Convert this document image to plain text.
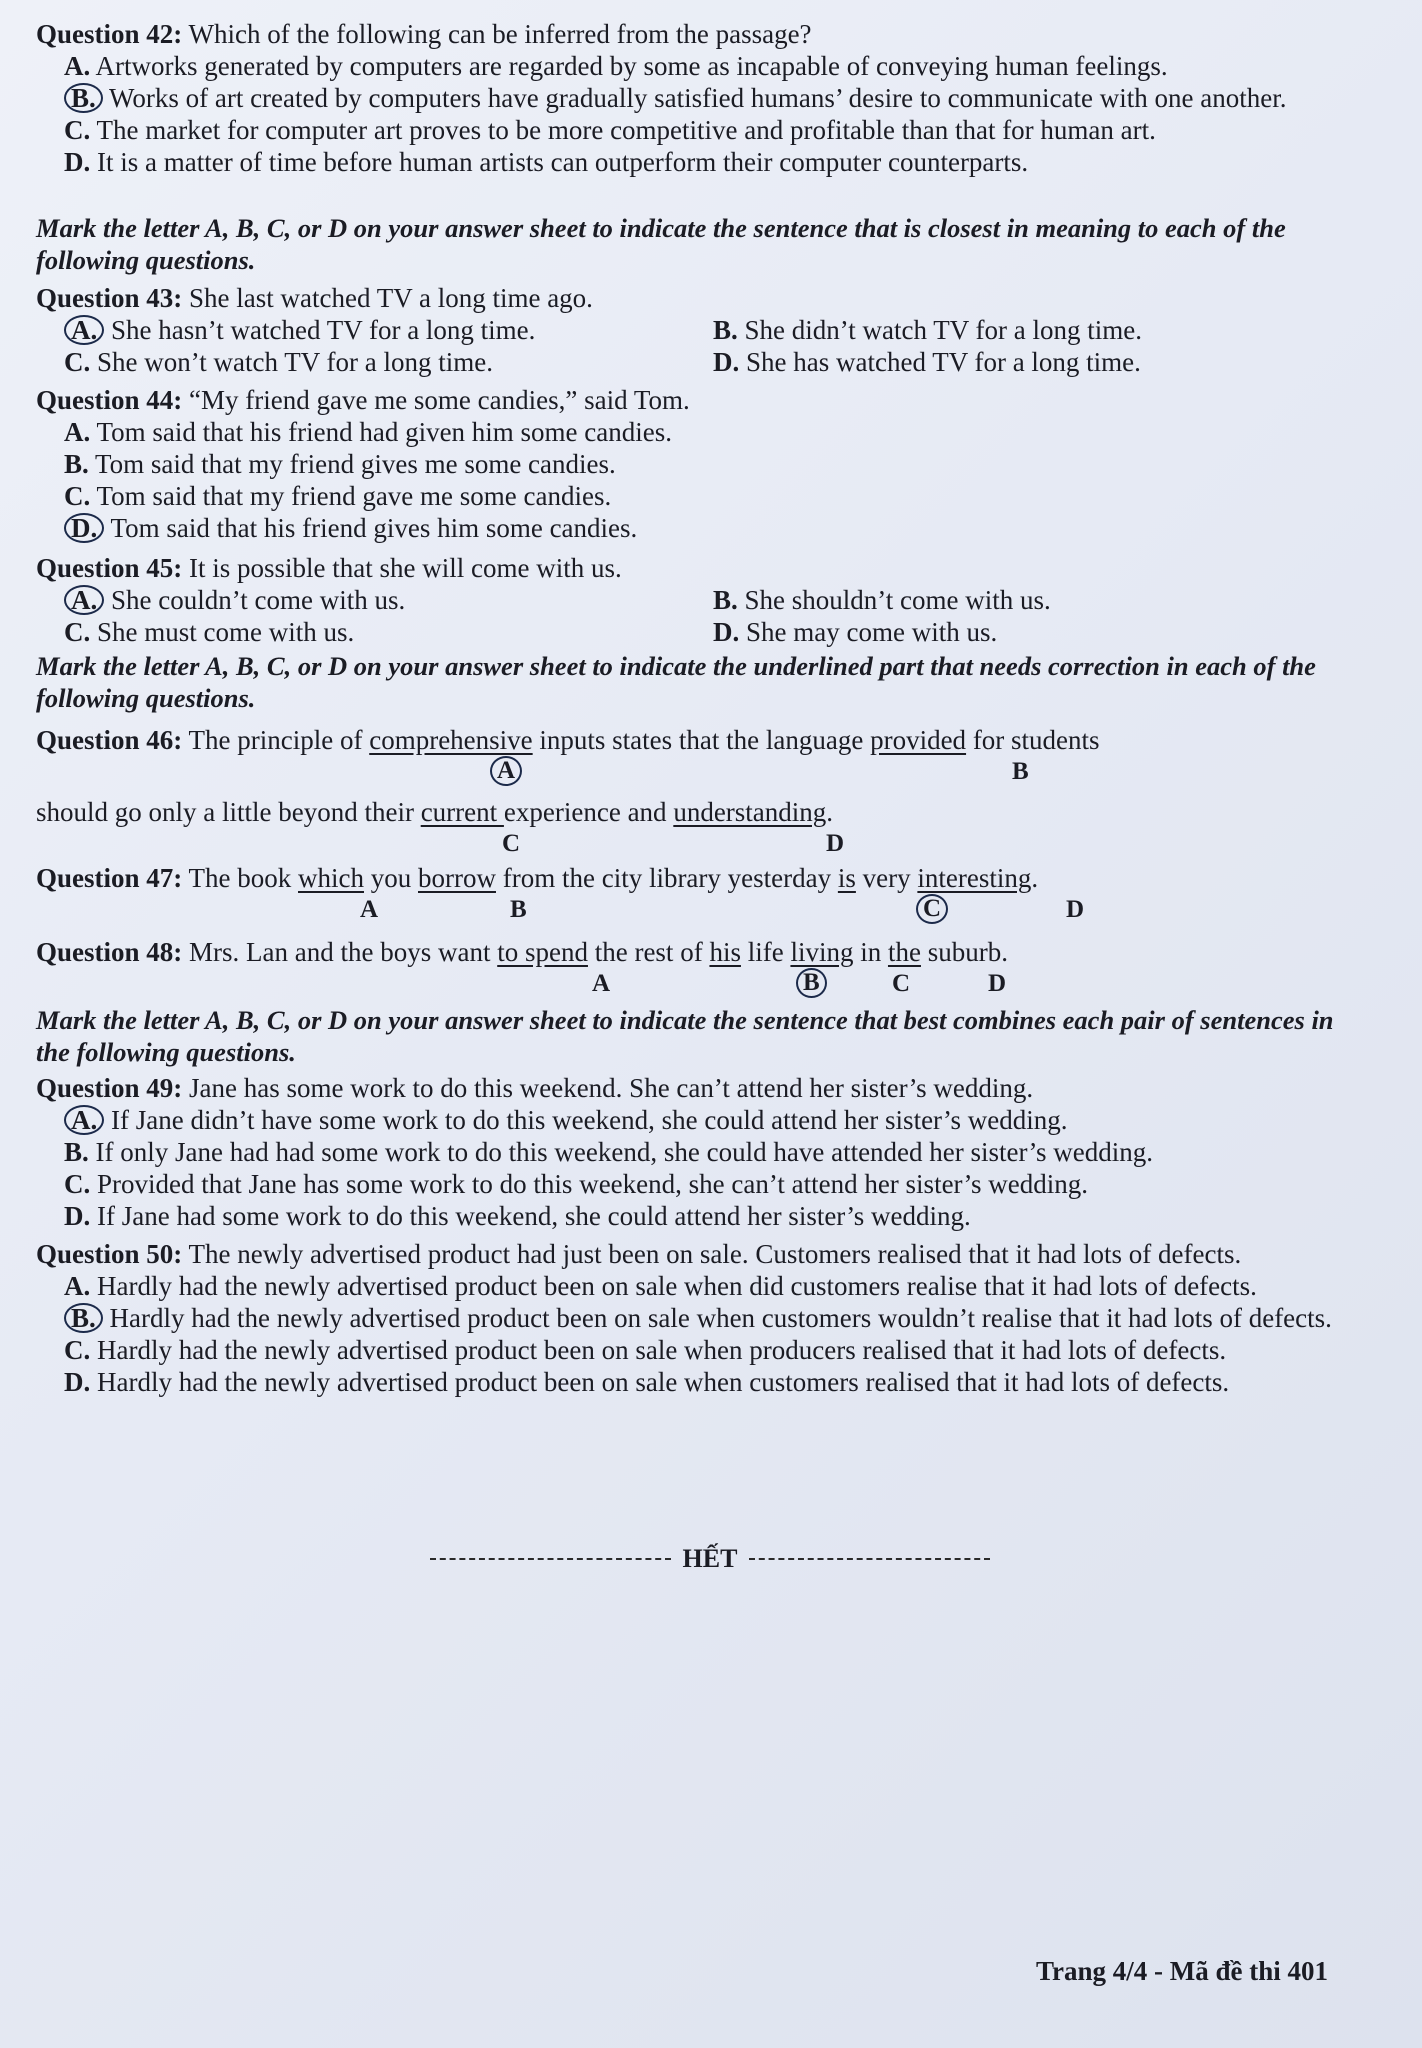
Question 42: Which of the following can be inferred from the passage?
A. Artworks generated by computers are regarded by some as incapable of conveying human feelings.
B. Works of art created by computers have gradually satisfied humans’ desire to communicate with one another.
C. The market for computer art proves to be more competitive and profitable than that for human art.
D. It is a matter of time before human artists can outperform their computer counterparts.
Mark the letter A, B, C, or D on your answer sheet to indicate the sentence that is closest in meaning to each of the following questions.
Question 43: She last watched TV a long time ago.
A. She hasn’t watched TV for a long time.	B. She didn’t watch TV for a long time.
C. She won’t watch TV for a long time.	D. She has watched TV for a long time.
Question 44: “My friend gave me some candies,” said Tom.
A. Tom said that his friend had given him some candies.
B. Tom said that my friend gives me some candies.
C. Tom said that my friend gave me some candies.
D. Tom said that his friend gives him some candies.
Question 45: It is possible that she will come with us.
A. She couldn’t come with us.	B. She shouldn’t come with us.
C. She must come with us.	D. She may come with us.
Mark the letter A, B, C, or D on your answer sheet to indicate the underlined part that needs correction in each of the following questions.
Question 46: The principle of comprehensive inputs states that the language provided for students
A	B
should go only a little beyond their current experience and understanding.
C	D
Question 47: The book which you borrow from the city library yesterday is very interesting.
A	B	C	D
Question 48: Mrs. Lan and the boys want to spend the rest of his life living in the suburb.
A	B	C	D
Mark the letter A, B, C, or D on your answer sheet to indicate the sentence that best combines each pair of sentences in the following questions.
Question 49: Jane has some work to do this weekend. She can’t attend her sister’s wedding.
A. If Jane didn’t have some work to do this weekend, she could attend her sister’s wedding.
B. If only Jane had had some work to do this weekend, she could have attended her sister’s wedding.
C. Provided that Jane has some work to do this weekend, she can’t attend her sister’s wedding.
D. If Jane had some work to do this weekend, she could attend her sister’s wedding.
Question 50: The newly advertised product had just been on sale. Customers realised that it had lots of defects.
A. Hardly had the newly advertised product been on sale when did customers realise that it had lots of defects.
B. Hardly had the newly advertised product been on sale when customers wouldn’t realise that it had lots of defects.
C. Hardly had the newly advertised product been on sale when producers realised that it had lots of defects.
D. Hardly had the newly advertised product been on sale when customers realised that it had lots of defects.
HẾT
Trang 4/4 - Mã đề thi 401
